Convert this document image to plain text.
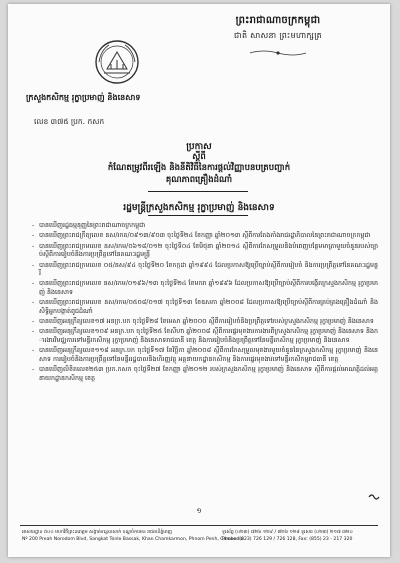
ព្រះរាជាណាចក្រកម្ពុជា
ជាតិ សាសនា ព្រះមហាក្សត្រ
ក្រសួងកសិកម្ម រុក្ខាប្រមាញ់ និងនេសាទ
លេខ ៣៧៥ ប្រក. កសក
ប្រកាស
ស្តីពី
កំណែតម្រូវពីរឡើង និងនីតិវិធីនៃការផ្តល់វិញ្ញាបនបត្របញ្ជាក់
គុណភាពគ្រឿងដំណាំ
រដ្ឋមន្ត្រីក្រសួងកសិកម្ម រុក្ខាប្រមាញ់ និងនេសាទ
- បានឃើញរដ្ឋធម្មនុញ្ញនៃព្រះរាជាណាចក្រកម្ពុជា
- បានឃើញព្រះរាជក្រឹត្យលេខ នស/រកត/០៩១៣/៩០៣ ចុះថ្ងៃទី២៤ ខែកញ្ញា ឆ្នាំ២០១៣ ស្តីពីការតែងតាំងរាជរដ្ឋាភិបាលនៃព្រះរាជាណាចក្រកម្ពុជា
- បានឃើញព្រះរាជក្រមលេខ នស/រកម/០៦១៨/០១២ ចុះថ្ងៃទី០៤ ខែមិថុនា ឆ្នាំ២០១៤ ស្តីពីការកែសម្រួលនិងបំពេញបន្ថែមមាត្រាមួយចំនួនរបស់ច្បាប់ស្តីពីការរៀបចំនិងការប្រព្រឹត្តទៅនៃគណៈរដ្ឋមន្ត្រី
- បានឃើញព្រះរាជក្រមលេខ ០៥/នស/៩៤ ចុះថ្ងៃទី២០ ខែកក្កដា ឆ្នាំ១៩៩៤ ដែលប្រកាសឱ្យប្រើច្បាប់ស្តីពីការរៀបចំ និងការប្រព្រឹត្តទៅនៃគណៈរដ្ឋមន្ត្រី
- បានឃើញព្រះរាជក្រមលេខ នស/រកម/០១៩៦/១៣ ចុះថ្ងៃទី២៤ ខែមករា ឆ្នាំ១៩៩៦ ដែលប្រកាសឱ្យប្រើច្បាប់ស្តីពីការបង្កើតក្រសួងកសិកម្ម រុក្ខាប្រមាញ់ និងនេសាទ
- បានឃើញព្រះរាជក្រមលេខ នស/រកម/០៥០៨/០១៧ ចុះថ្ងៃទី១៣ ខែឧសភា ឆ្នាំ២០០៨ ដែលប្រកាសឱ្យប្រើច្បាប់ស្តីពីការគ្រប់គ្រងគ្រឿងដំណាំ និងសិទ្ធិអ្នកបង្កាត់ពូជដំណាំ
- បានឃើញអនុក្រឹត្យលេខ១៧ អនក្រ.បក ចុះថ្ងៃទី២៨ ខែមេសា ឆ្នាំ២០០០ ស្តីពីការរៀបចំនិងប្រព្រឹត្តទៅរបស់ក្រសួងកសិកម្ម រុក្ខាប្រមាញ់ និងនេសាទ
- បានឃើញអនុក្រឹត្យលេខ១០៩ អនក្រ.បក ចុះថ្ងៃទី២៥ ខែសីហា ឆ្នាំ២០០៨ ស្តីពីការផ្ទេរមុខងារការងារពីក្រសួងកសិកម្ម រុក្ខាប្រមាញ់ និងនេសាទ និងការងារវិមជ្ឈការទៅមន្ទីរកសិកម្ម រុក្ខាប្រមាញ់ និងនេសាទរាជធានី ខេត្ត និងការរៀបចំនិងប្រព្រឹត្តទៅនៃមន្ទីរកសិកម្ម រុក្ខាប្រមាញ់ និងនេសាទ
- បានឃើញអនុក្រឹត្យលេខ១១៨ អនក្រ.បក ចុះថ្ងៃទី១៧ ខែវិច្ឆិកា ឆ្នាំ២០០៨ ស្តីពីការកែសម្រួលមុខងារមួយចំនួននៃក្រសួងកសិកម្ម រុក្ខាប្រមាញ់ និងនេសាទ ការរៀបចំនិងការប្រព្រឹត្តទៅនៃមន្ទីររដ្ឋបាលនិងហិរញ្ញវត្ថុ អគ្គនាយកដ្ឋានកសិកម្ម និងការផ្ទេរមុខងារទៅមន្ទីរកសិកម្មរាជធានី ខេត្ត
- បានឃើញលិខិតលេខ២៥៣ ប្រក.កសក ចុះថ្ងៃទី២៧ ខែកញ្ញា ឆ្នាំ២០១២ របស់ក្រសួងកសិកម្ម រុក្ខាប្រមាញ់ និងនេសាទ ស្តីពីការផ្តល់អាណត្តិដល់អគ្គនាយកដ្ឋានកសិកម្ម ខេត្ត
១
អាសយដ្ឋាន ៥០០ មហាវិថីព្រះនរោត្តម សង្កាត់ទន្លេបាសាក់ ខណ្ឌចំការមន រាជធានីភ្នំពេញ
Nº 200 Preah Norodom Blvd, Sangkat Tonle Bassak, Khan Chamkarmon, Phnom Penh, Cambodia
ទូរស័ព្ទ (០២៣) ៧២៦ ១២៩ / ៧២៦ ១២៨ ទូរសារ (០២៣) ២១៧ ៣២០
Phone: (023) 726 129 / 726 128, Fax: (855) 23 - 217 320
